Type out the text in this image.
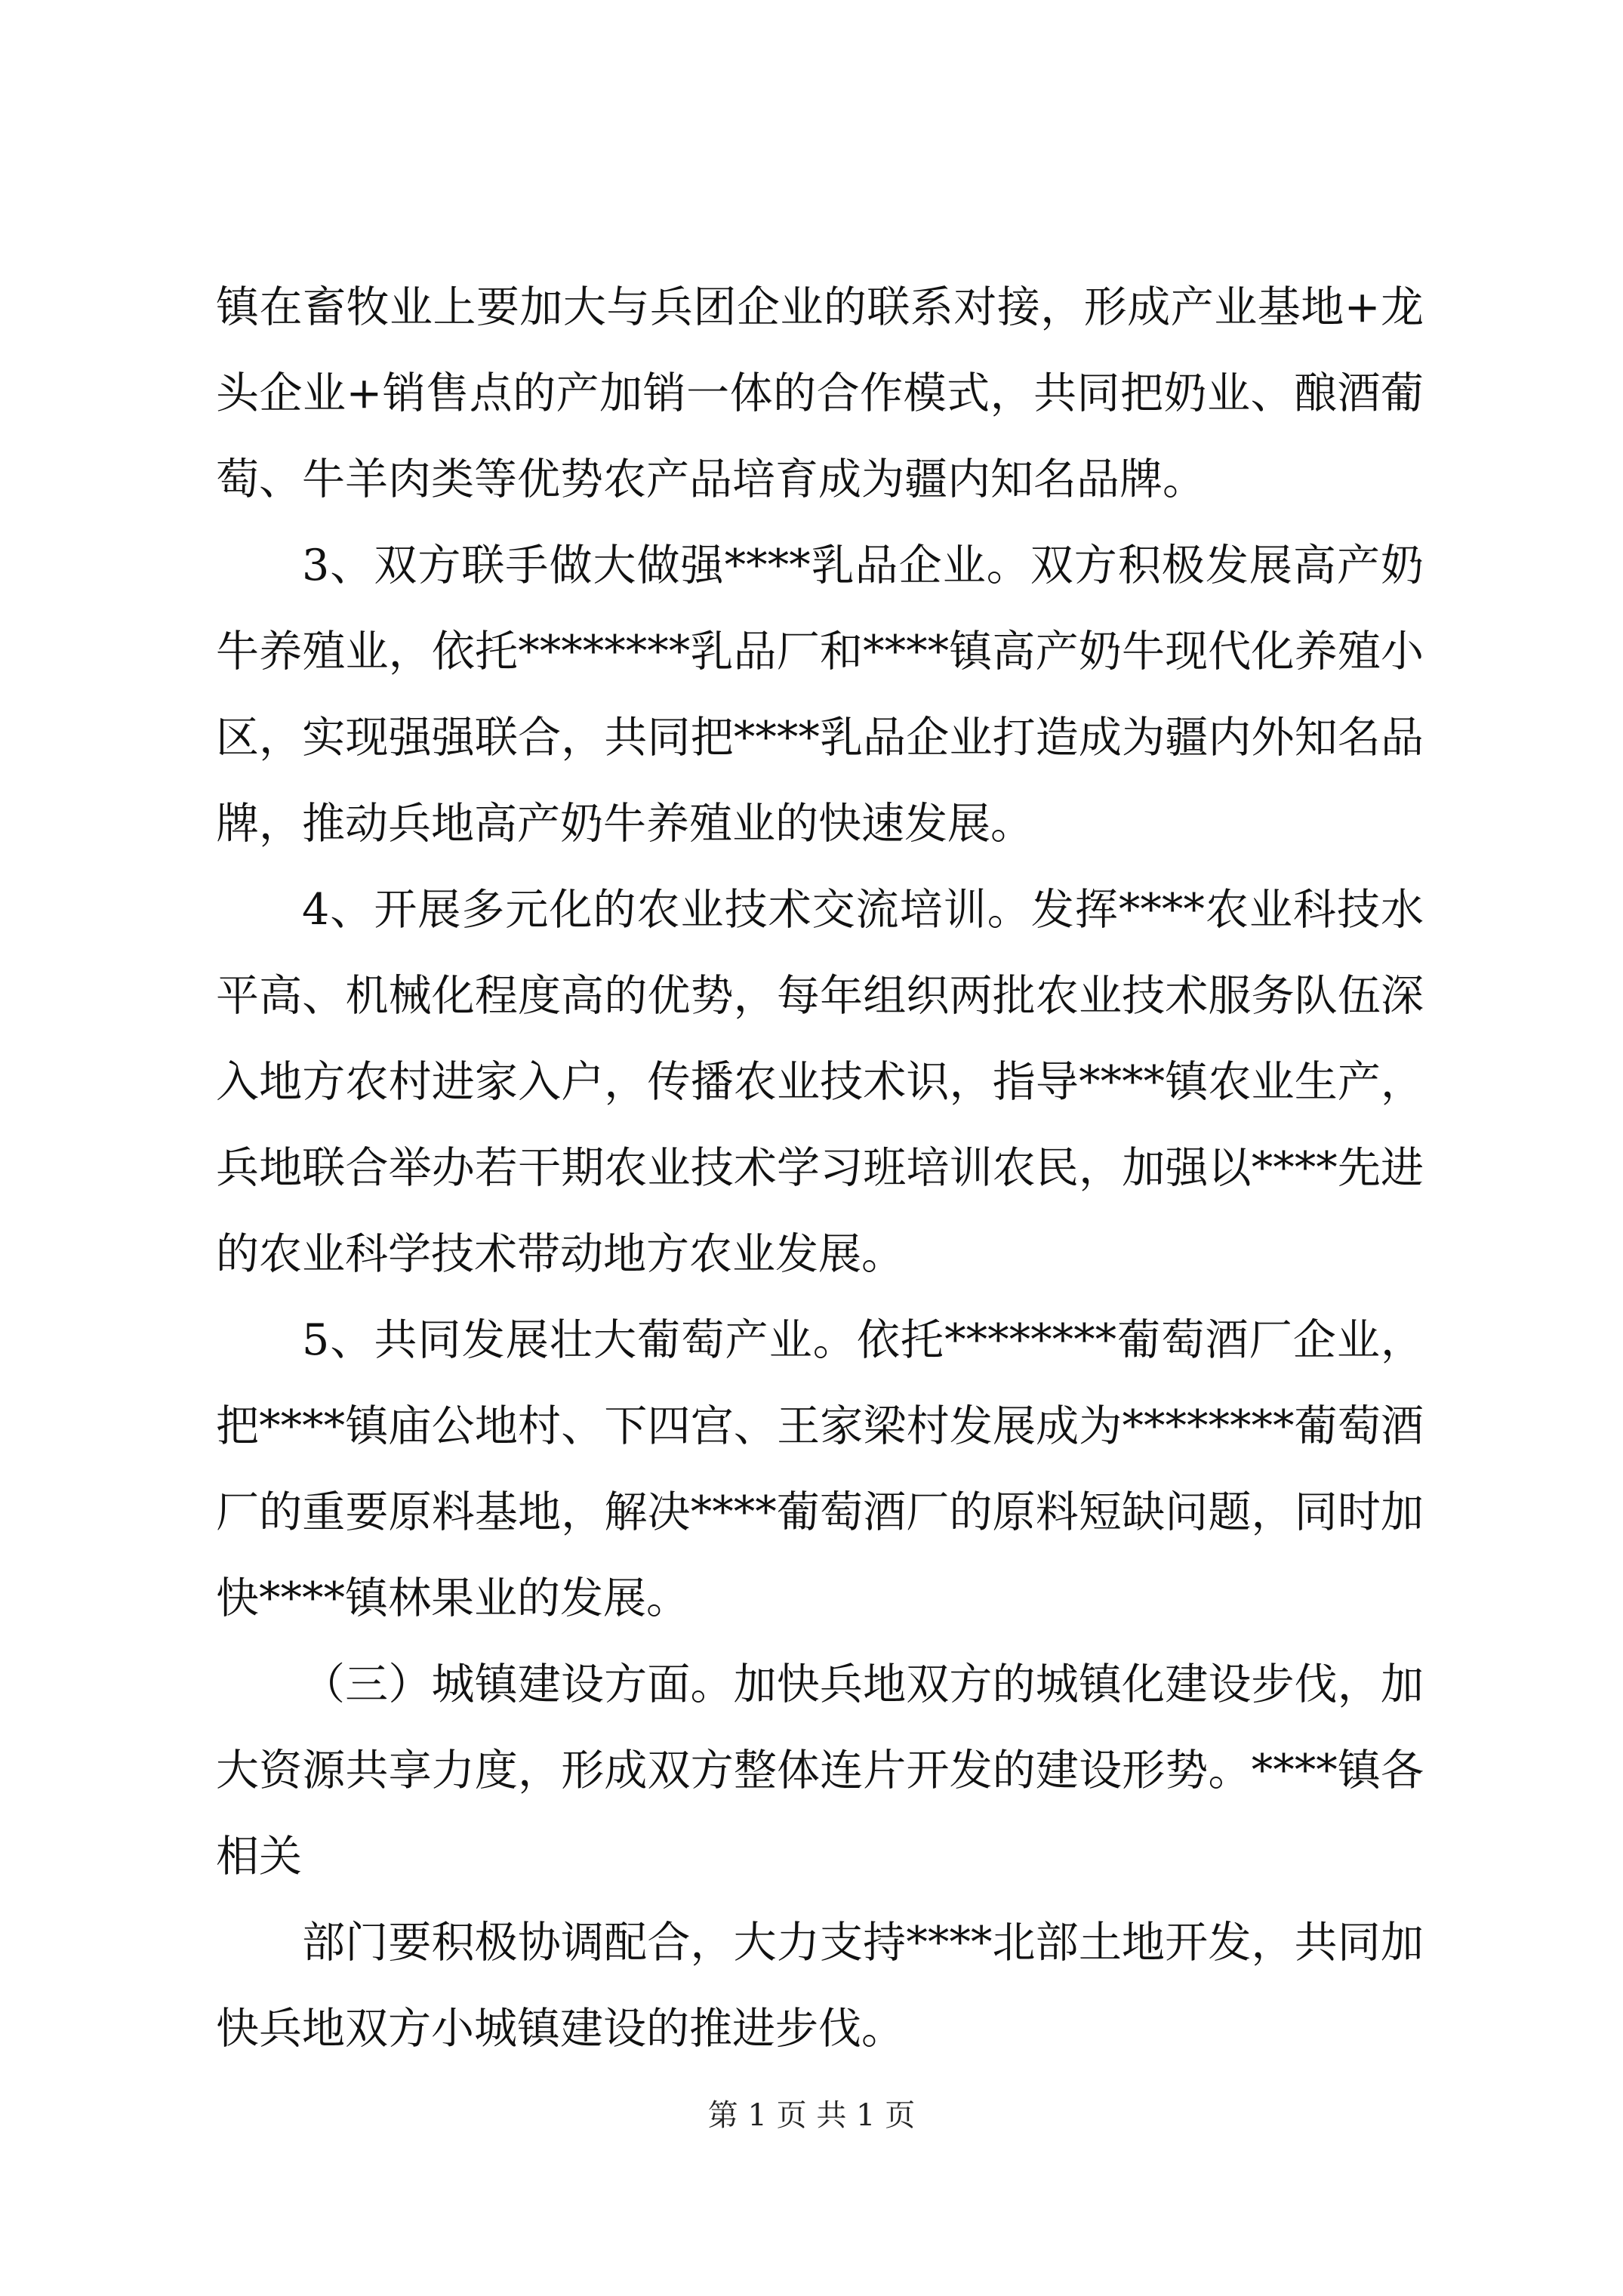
镇在畜牧业上要加大与兵团企业的联系对接，形成产业基地+龙头企业+销售点的产加销一体的合作模式，共同把奶业、酿酒葡萄、牛羊肉类等优势农产品培育成为疆内知名品牌。

3、双方联手做大做强****乳品企业。双方积极发展高产奶牛养殖业，依托********乳品厂和****镇高产奶牛现代化养殖小区，实现强强联合，共同把****乳品企业打造成为疆内外知名品牌，推动兵地高产奶牛养殖业的快速发展。

4、开展多元化的农业技术交流培训。发挥****农业科技水平高、机械化程度高的优势，每年组织两批农业技术服务队伍深入地方农村进家入户，传播农业技术识，指导****镇农业生产，兵地联合举办若干期农业技术学习班培训农民，加强以****先进的农业科学技术带动地方农业发展。

5、共同发展壮大葡萄产业。依托********葡萄酒厂企业，把****镇庙公地村、下四宫、王家梁村发展成为********葡萄酒厂的重要原料基地，解决****葡萄酒厂的原料短缺问题，同时加快****镇林果业的发展。

（三）城镇建设方面。加快兵地双方的城镇化建设步伐，加大资源共享力度，形成双方整体连片开发的建设形势。****镇各相关

部门要积极协调配合，大力支持****北部土地开发，共同加快兵地双方小城镇建设的推进步伐。

第 1 页 共 1 页
